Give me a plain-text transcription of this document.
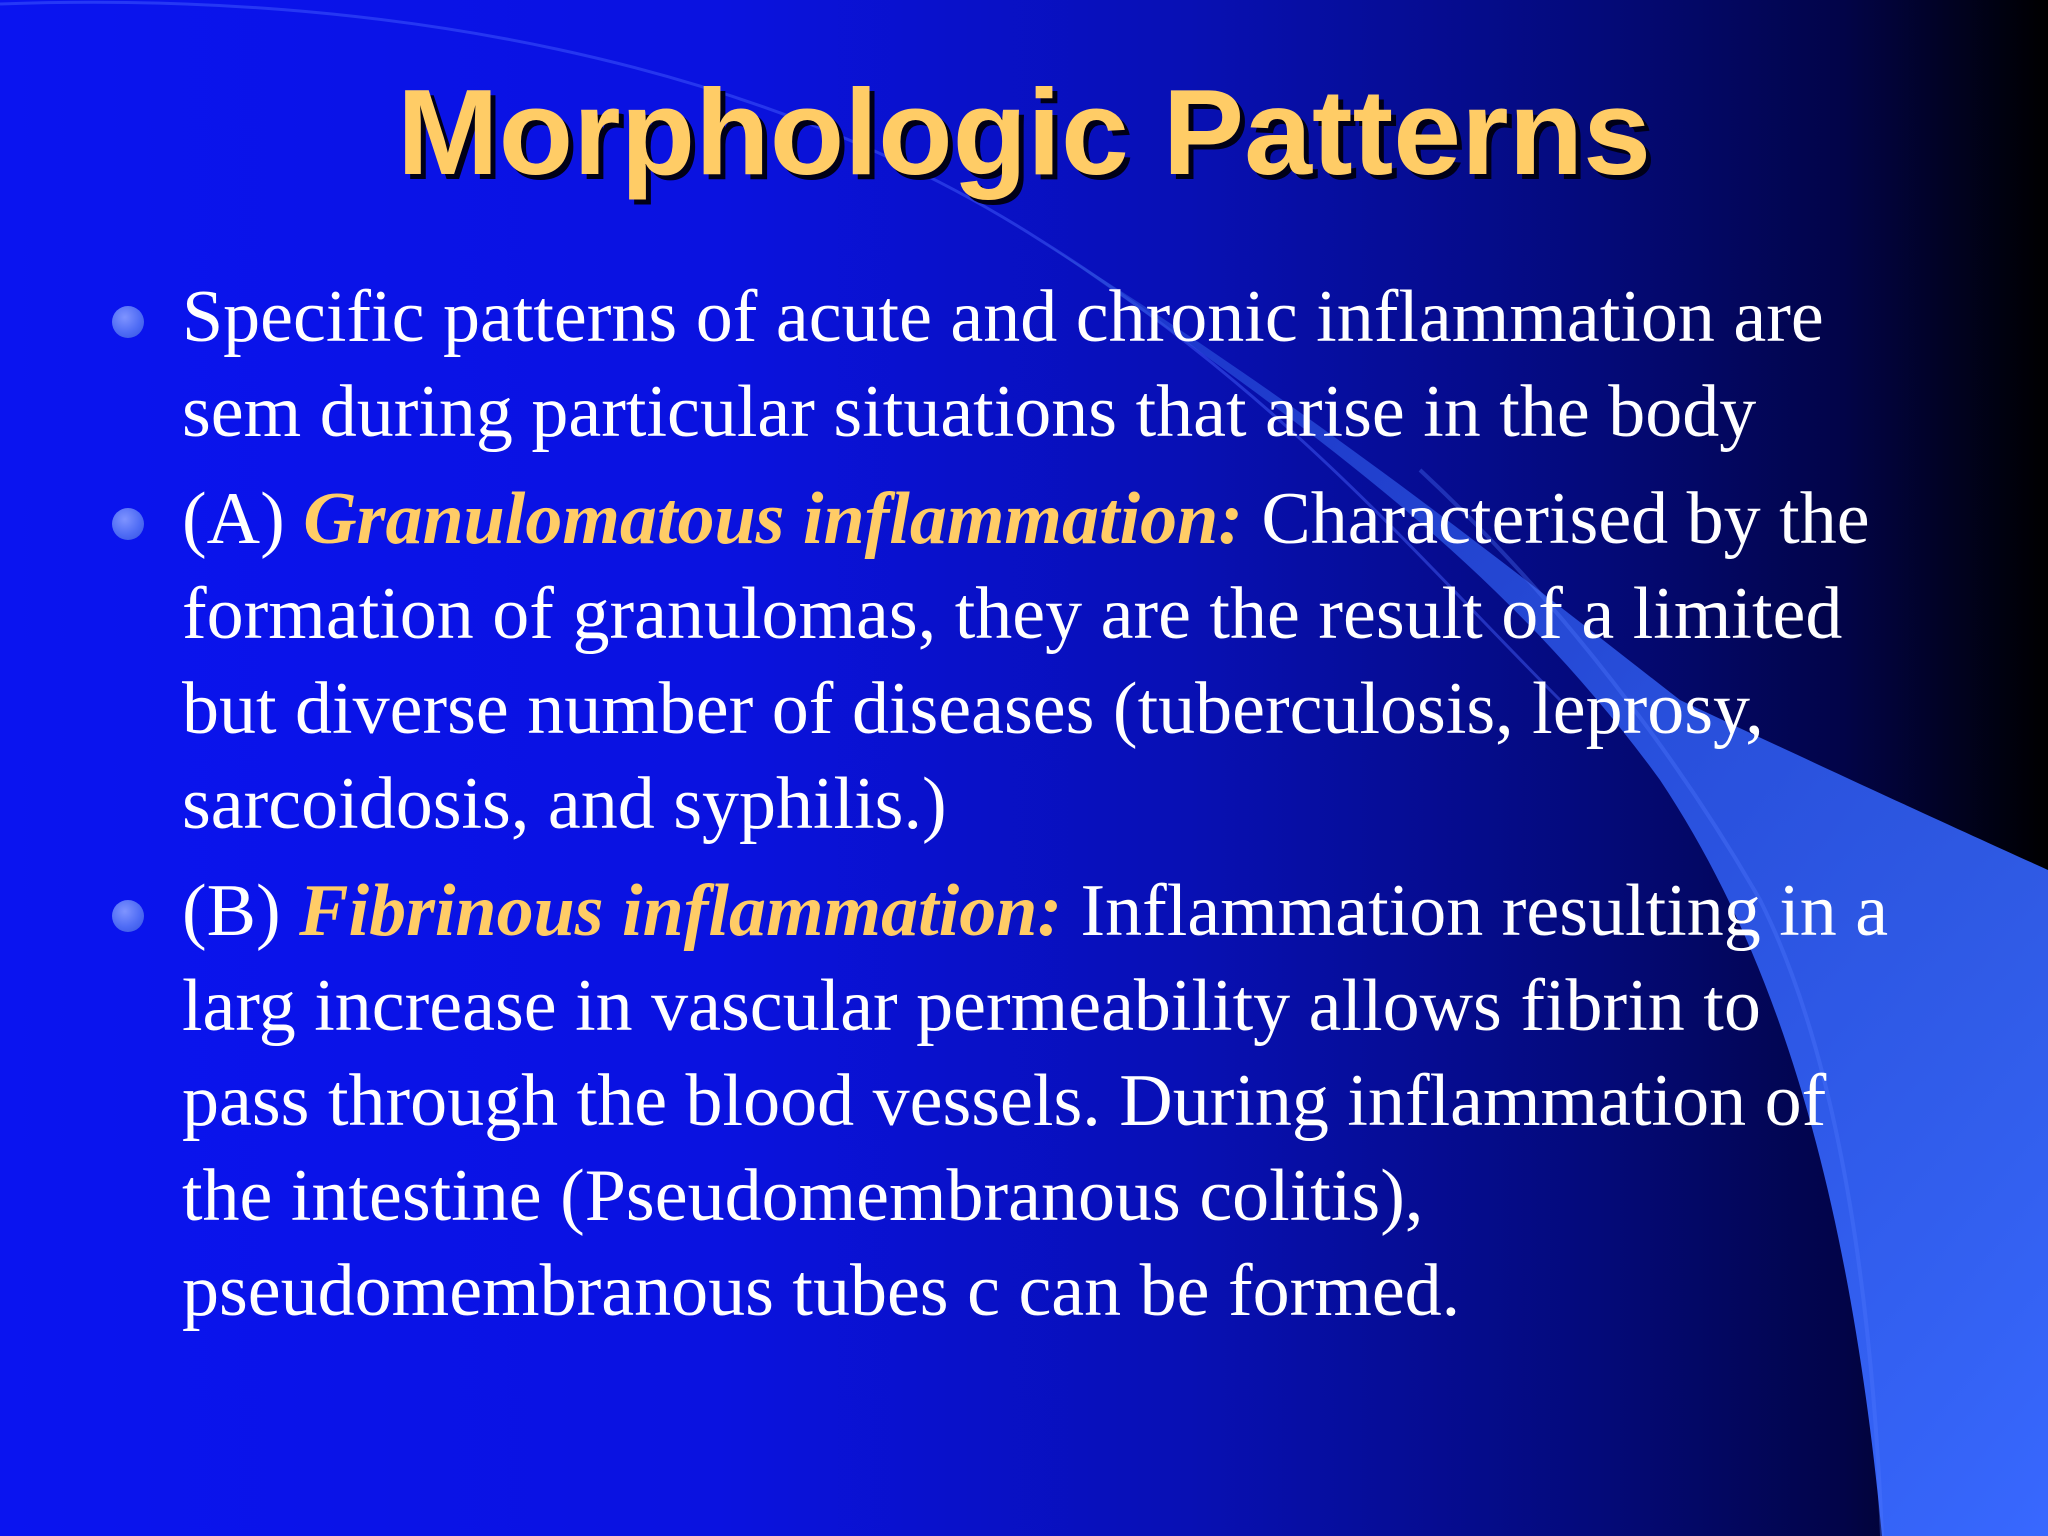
Morphologic Patterns
Specific patterns of acute and chronic inflammation are sem during particular situations that arise in the body
(A) Granulomatous inflammation: Characterised by the formation of granulomas, they are the result of a limited but diverse number of diseases (tuberculosis, leprosy, sarcoidosis, and syphilis.)
(B) Fibrinous inflammation: Inflammation resulting in a larg increase in vascular permeability allows fibrin to pass through the blood vessels. During inflammation of the intestine (Pseudomembranous colitis), pseudomembranous tubes c can be formed.
